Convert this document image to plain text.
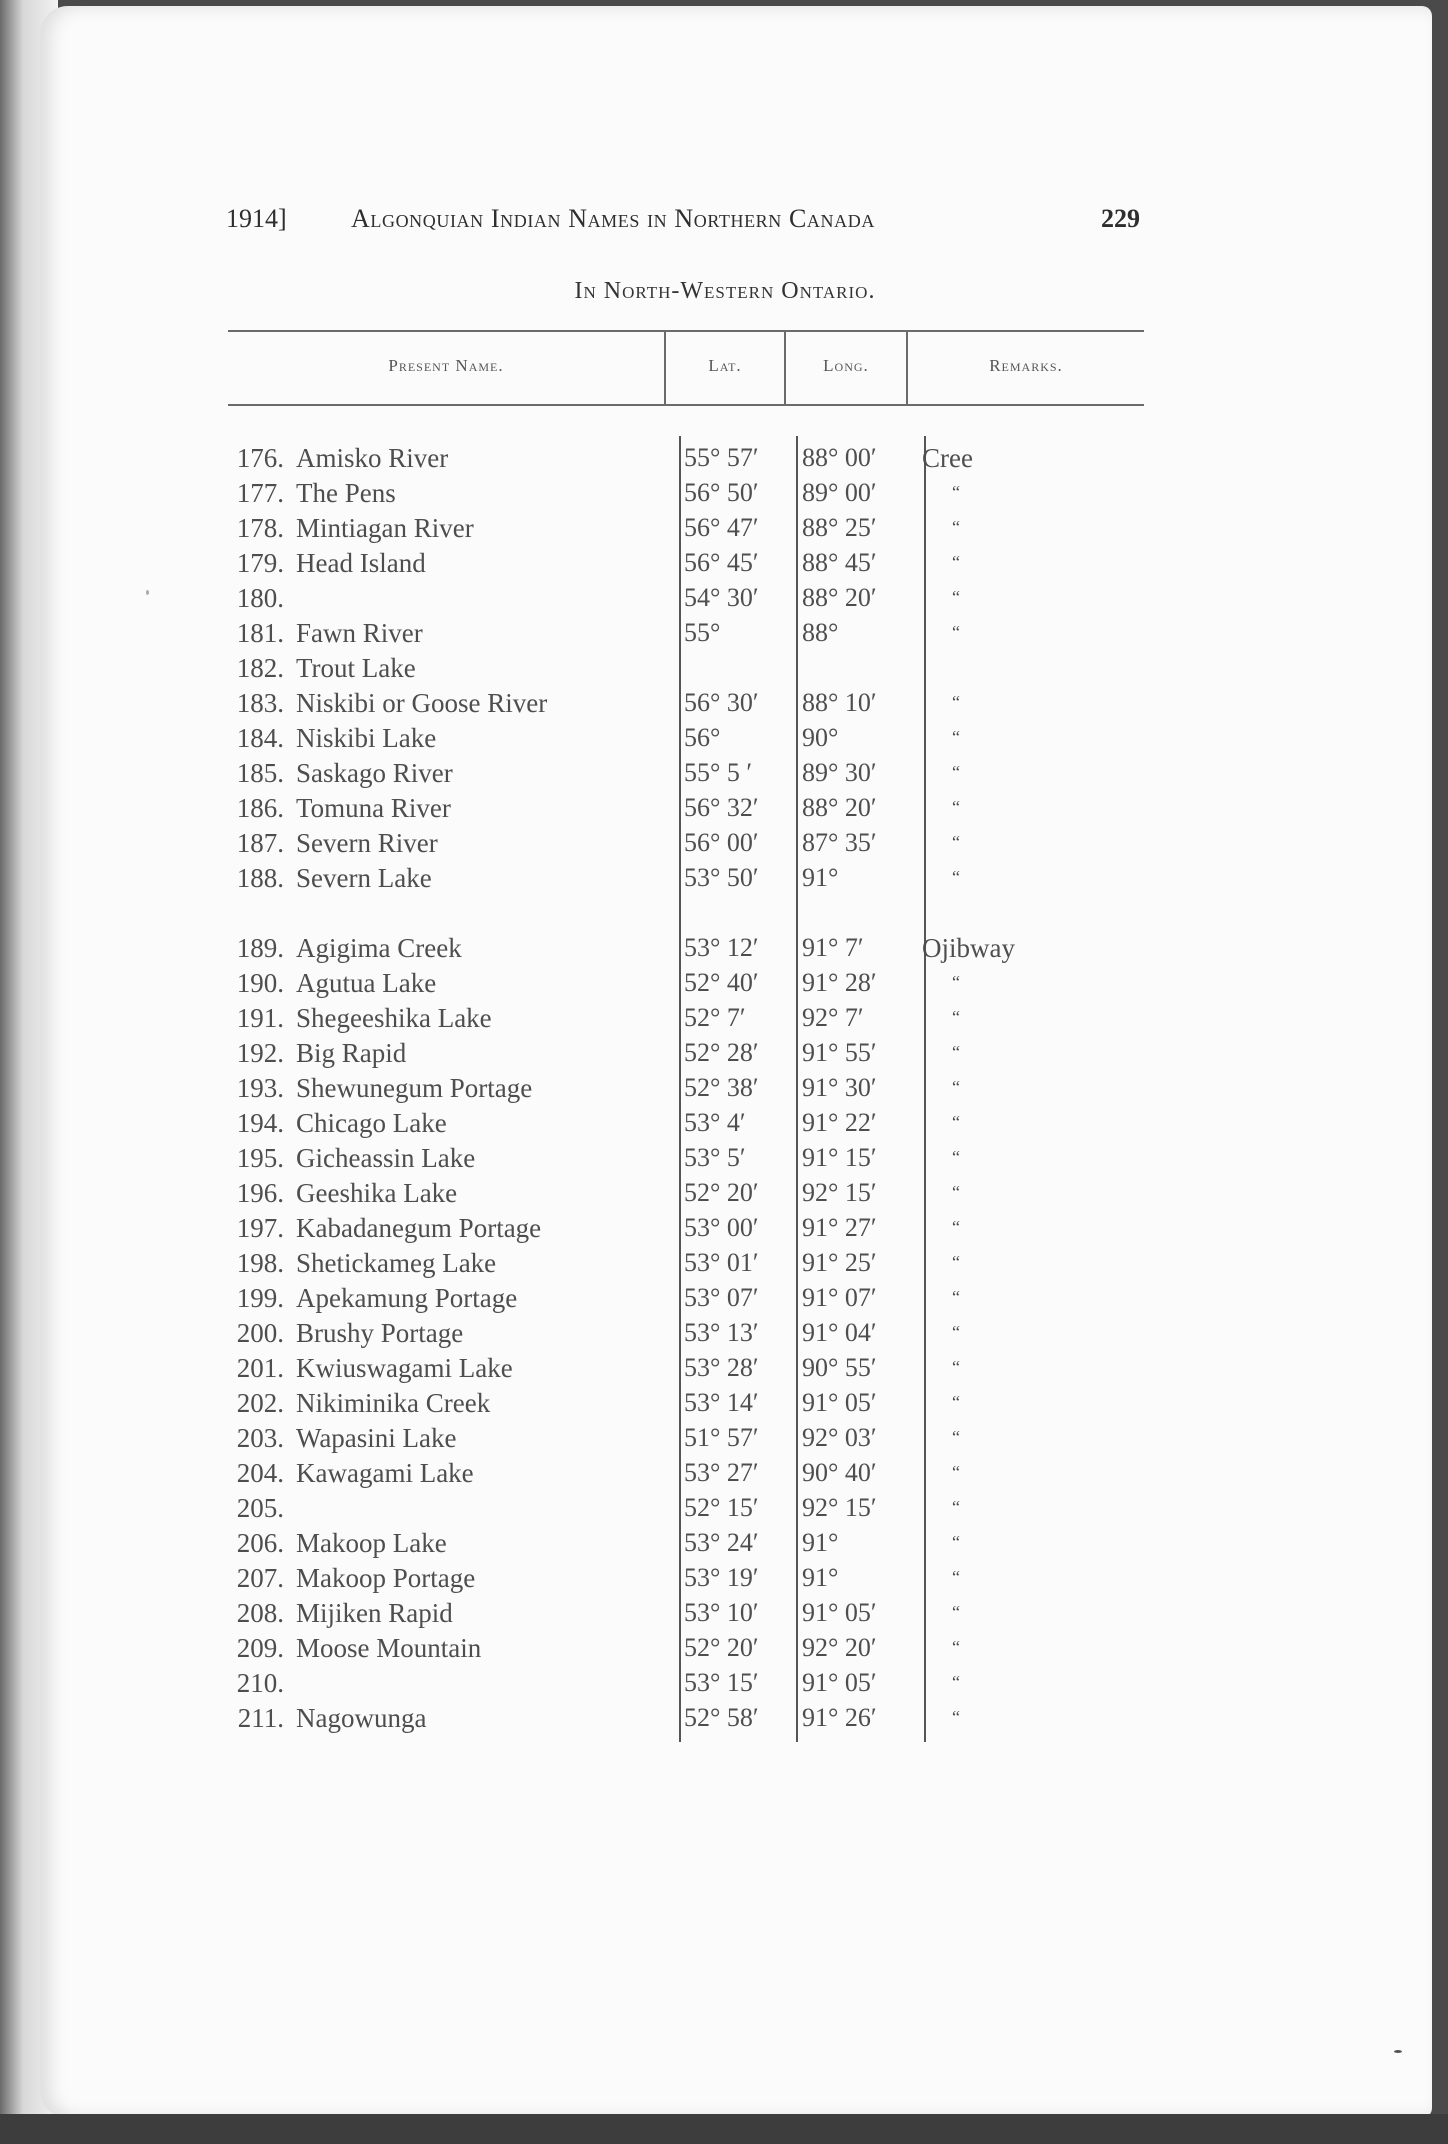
1914] Algonquian Indian Names in Northern Canada	229
In North-Western Ontario.
Present Name.	Lat.	Long.	Remarks.
176. Amisko River	55° 57′	88° 00′	Cree
177. The Pens	56° 50′	89° 00′	“
178. Mintiagan River	56° 47′	88° 25′	“
179. Head Island	56° 45′	88° 45′	“
180.	54° 30′	88° 20′	“
181. Fawn River	55°	88°	“
182. Trout Lake
183. Niskibi or Goose River	56° 30′	88° 10′	“
184. Niskibi Lake	56°	90°	“
185. Saskago River	55° 5 ′	89° 30′	“
186. Tomuna River	56° 32′	88° 20′	“
187. Severn River	56° 00′	87° 35′	“
188. Severn Lake	53° 50′	91°	“
189. Agigima Creek	53° 12′	91° 7′	Ojibway
190. Agutua Lake	52° 40′	91° 28′	“
191. Shegeeshika Lake	52° 7′	92° 7′	“
192. Big Rapid	52° 28′	91° 55′	“
193. Shewunegum Portage	52° 38′	91° 30′	“
194. Chicago Lake	53° 4′	91° 22′	“
195. Gicheassin Lake	53° 5′	91° 15′	“
196. Geeshika Lake	52° 20′	92° 15′	“
197. Kabadanegum Portage	53° 00′	91° 27′	“
198. Shetickameg Lake	53° 01′	91° 25′	“
199. Apekamung Portage	53° 07′	91° 07′	“
200. Brushy Portage	53° 13′	91° 04′	“
201. Kwiuswagami Lake	53° 28′	90° 55′	“
202. Nikiminika Creek	53° 14′	91° 05′	“
203. Wapasini Lake	51° 57′	92° 03′	“
204. Kawagami Lake	53° 27′	90° 40′	“
205.	52° 15′	92° 15′	“
206. Makoop Lake	53° 24′	91°	“
207. Makoop Portage	53° 19′	91°	“
208. Mijiken Rapid	53° 10′	91° 05′	“
209. Moose Mountain	52° 20′	92° 20′	“
210.	53° 15′	91° 05′	“
211. Nagowunga	52° 58′	91° 26′	“
